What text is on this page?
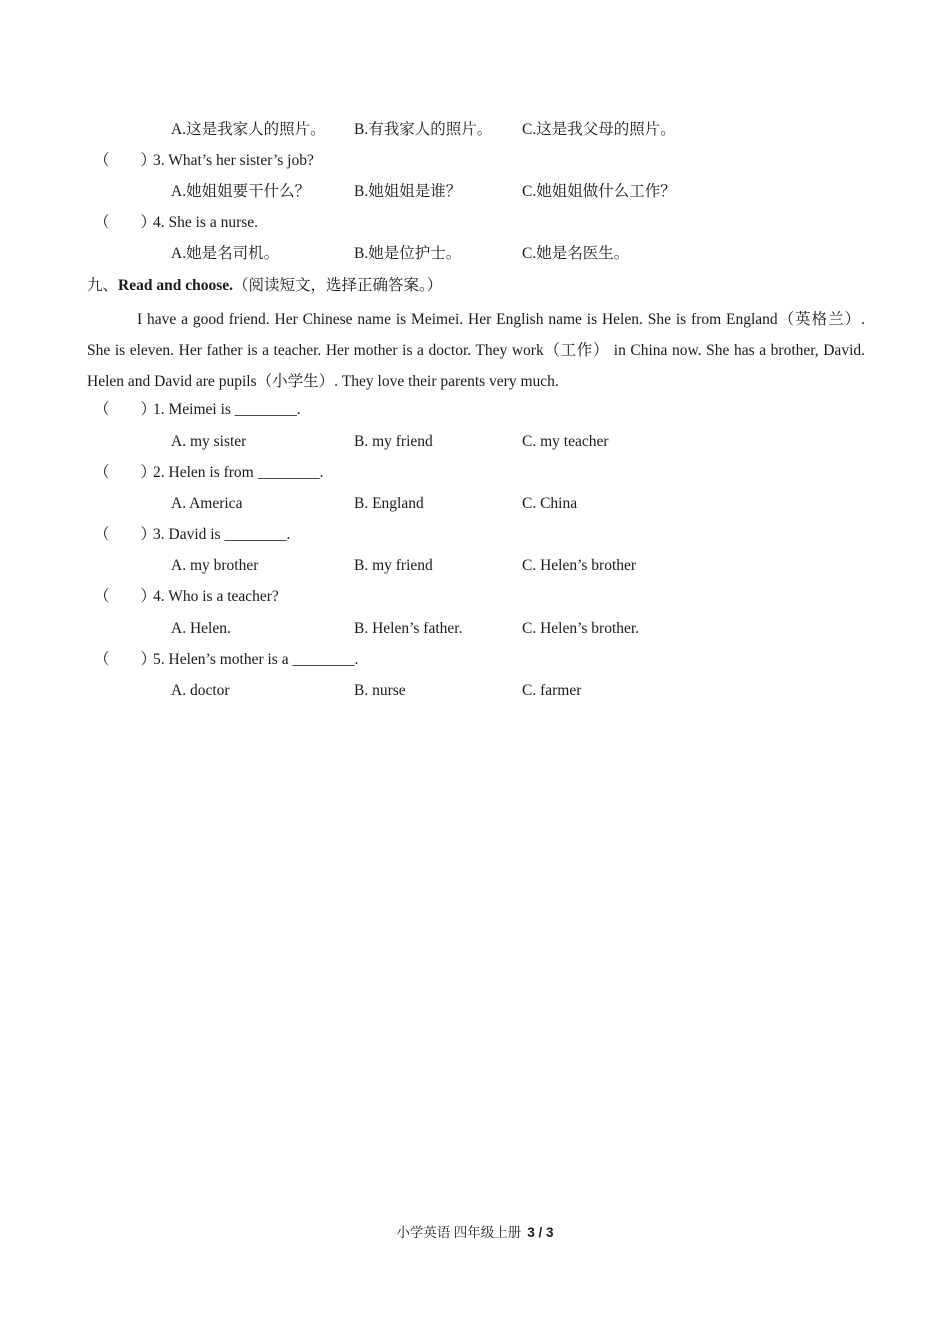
A.这是我家人的照片。 B.有我家人的照片。 C.这是我父母的照片。
（　　）
3. What’s her sister’s job?
A.她姐姐要干什么？	B.她姐姐是谁？	C.她姐姐做什么工作？
（　　）
4. She is a nurse.
A.她是名司机。	B.她是位护士。	C.她是名医生。
九、Read and choose.（阅读短文，选择正确答案。）
I have a good friend. Her Chinese name is Meimei. Her English name is Helen. She is from England（英格兰）. She is eleven. Her father is a teacher. Her mother is a doctor. They work（工作） in China now. She has a brother, David. Helen and David are pupils（小学生）. They love their parents very much.
（　　）
1. Meimei is ________.
A. my sister	B. my friend	C. my teacher
（　　）
2. Helen is from ________.
A. America	B. England	C. China
（　　）
3. David is ________.
A. my brother	B. my friend	C. Helen’s brother
（　　）
4. Who is a teacher?
A. Helen.	B. Helen’s father.	C. Helen’s brother.
（　　）
5. Helen’s mother is a ________.
A. doctor	B. nurse	C. farmer
小学英语 四年级上册 3 / 3
